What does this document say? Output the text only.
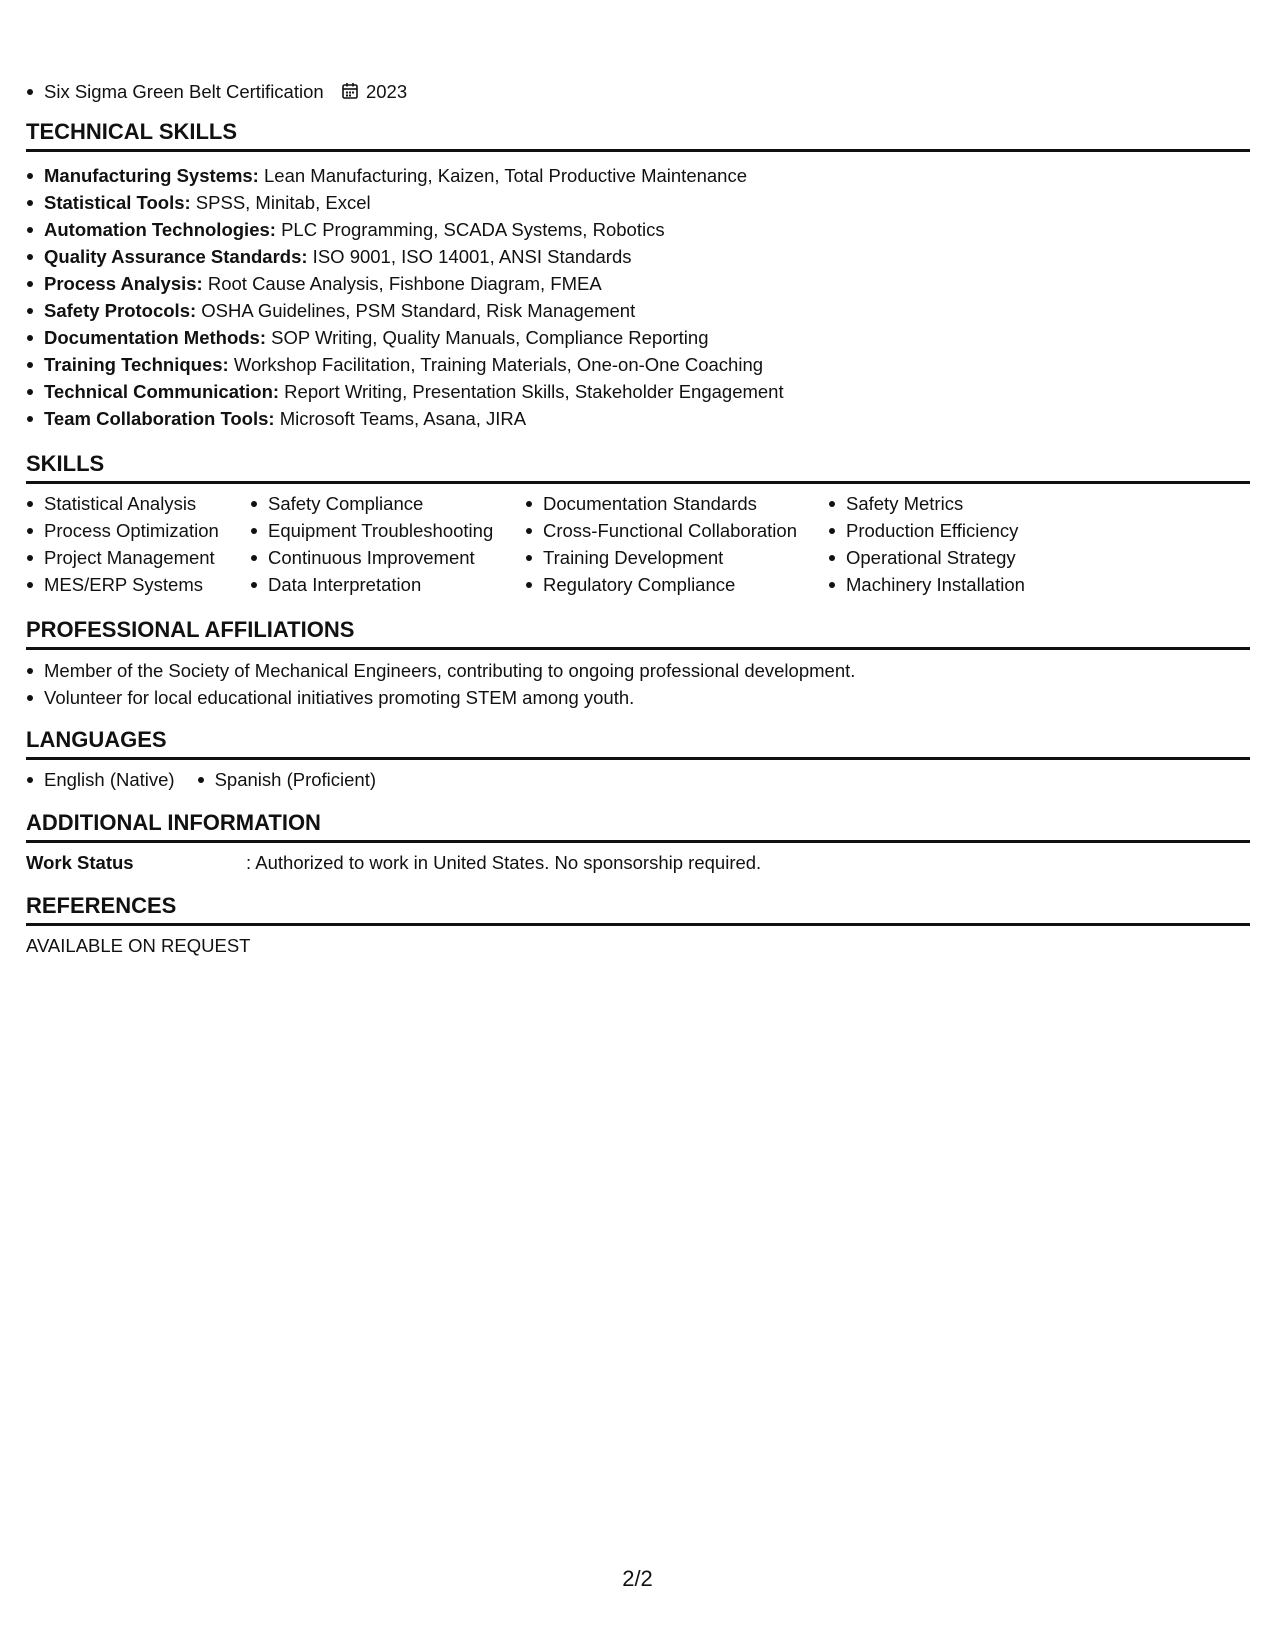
Six Sigma Green Belt Certification 2023
TECHNICAL SKILLS
Manufacturing Systems: Lean Manufacturing, Kaizen, Total Productive Maintenance
Statistical Tools: SPSS, Minitab, Excel
Automation Technologies: PLC Programming, SCADA Systems, Robotics
Quality Assurance Standards: ISO 9001, ISO 14001, ANSI Standards
Process Analysis: Root Cause Analysis, Fishbone Diagram, FMEA
Safety Protocols: OSHA Guidelines, PSM Standard, Risk Management
Documentation Methods: SOP Writing, Quality Manuals, Compliance Reporting
Training Techniques: Workshop Facilitation, Training Materials, One-on-One Coaching
Technical Communication: Report Writing, Presentation Skills, Stakeholder Engagement
Team Collaboration Tools: Microsoft Teams, Asana, JIRA
SKILLS
Statistical Analysis
Process Optimization
Project Management
MES/ERP Systems
Safety Compliance
Equipment Troubleshooting
Continuous Improvement
Data Interpretation
Documentation Standards
Cross-Functional Collaboration
Training Development
Regulatory Compliance
Safety Metrics
Production Efficiency
Operational Strategy
Machinery Installation
PROFESSIONAL AFFILIATIONS
Member of the Society of Mechanical Engineers, contributing to ongoing professional development.
Volunteer for local educational initiatives promoting STEM among youth.
LANGUAGES
English (Native)	Spanish (Proficient)
ADDITIONAL INFORMATION
Work Status	: Authorized to work in United States. No sponsorship required.
REFERENCES
AVAILABLE ON REQUEST
2/2
